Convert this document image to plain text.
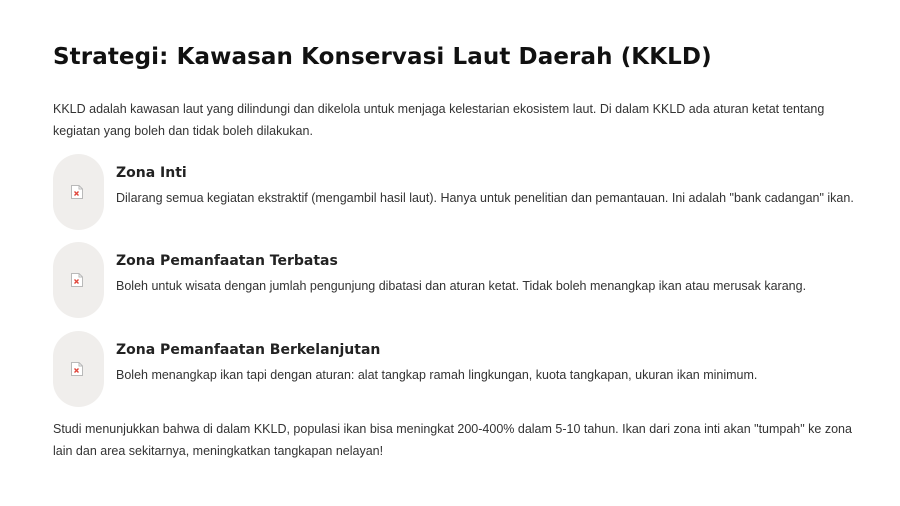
Strategi: Kawasan Konservasi Laut Daerah (KKLD)

KKLD adalah kawasan laut yang dilindungi dan dikelola untuk menjaga kelestarian ekosistem laut. Di dalam KKLD ada aturan ketat tentang kegiatan yang boleh dan tidak boleh dilakukan.

Zona Inti

Dilarang semua kegiatan ekstraktif (mengambil hasil laut). Hanya untuk penelitian dan pemantauan. Ini adalah "bank cadangan" ikan.

Zona Pemanfaatan Terbatas

Boleh untuk wisata dengan jumlah pengunjung dibatasi dan aturan ketat. Tidak boleh menangkap ikan atau merusak karang.

Zona Pemanfaatan Berkelanjutan

Boleh menangkap ikan tapi dengan aturan: alat tangkap ramah lingkungan, kuota tangkapan, ukuran ikan minimum.

Studi menunjukkan bahwa di dalam KKLD, populasi ikan bisa meningkat 200-400% dalam 5-10 tahun. Ikan dari zona inti akan "tumpah" ke zona lain dan area sekitarnya, meningkatkan tangkapan nelayan!
